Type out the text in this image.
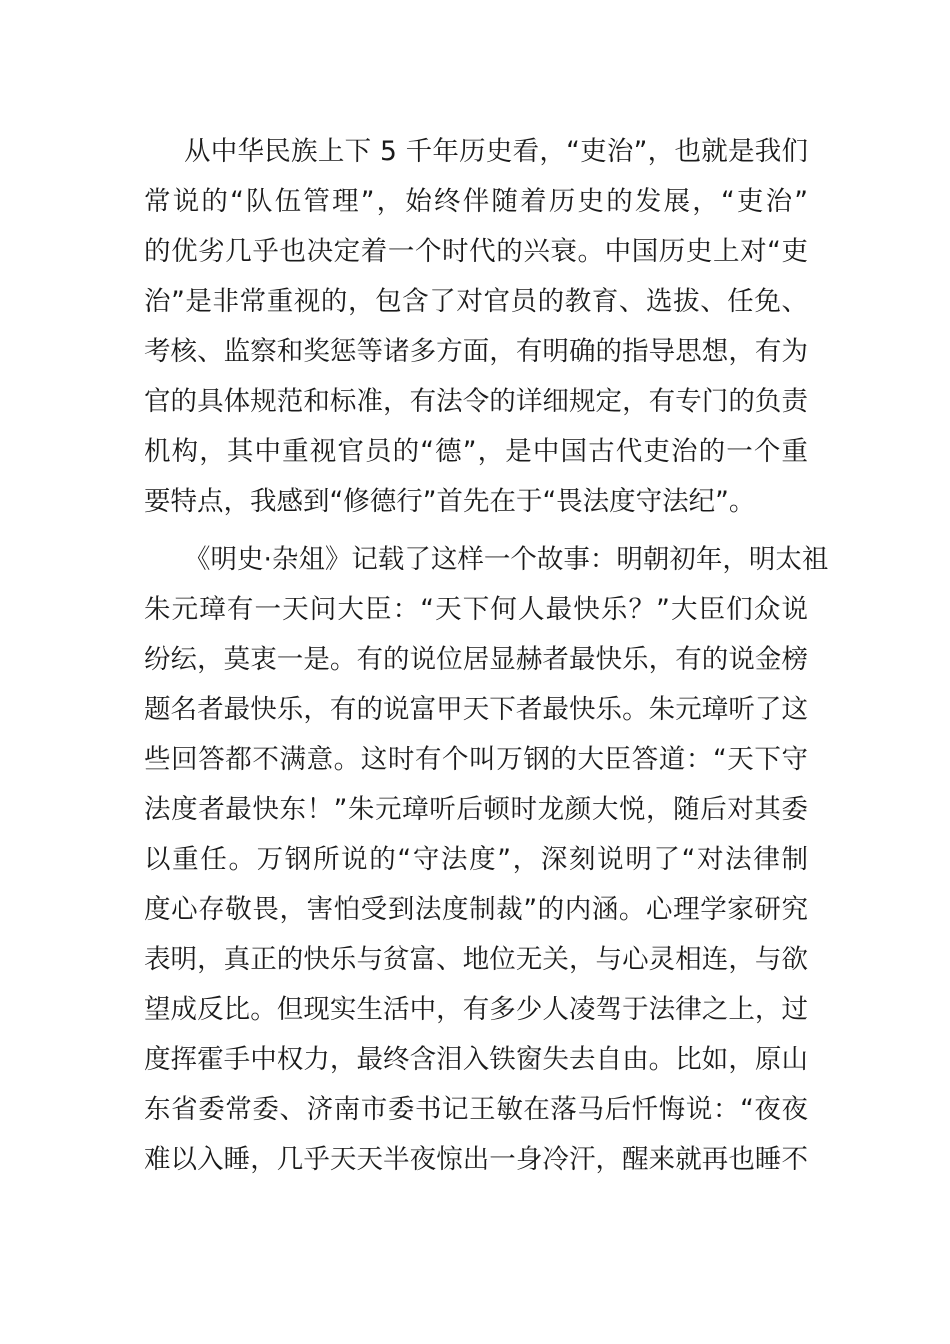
从中华民族上下 5 千年历史看，“吏治”，也就是我们
常说的“队伍管理”，始终伴随着历史的发展，“吏治”
的优劣几乎也决定着一个时代的兴衰。中国历史上对“吏
治”是非常重视的，包含了对官员的教育、选拔、任免、
考核、监察和奖惩等诸多方面，有明确的指导思想，有为
官的具体规范和标准，有法令的详细规定，有专门的负责
机构，其中重视官员的“德”，是中国古代吏治的一个重
要特点，我感到“修德行”首先在于“畏法度守法纪”。
《明史·杂俎》记载了这样一个故事：明朝初年，明太祖
朱元璋有一天问大臣：“天下何人最快乐？”大臣们众说
纷纭，莫衷一是。有的说位居显赫者最快乐，有的说金榜
题名者最快乐，有的说富甲天下者最快乐。朱元璋听了这
些回答都不满意。这时有个叫万钢的大臣答道：“天下守
法度者最快东！”朱元璋听后顿时龙颜大悦，随后对其委
以重任。万钢所说的“守法度”，深刻说明了“对法律制
度心存敬畏，害怕受到法度制裁”的内涵。心理学家研究
表明，真正的快乐与贫富、地位无关，与心灵相连，与欲
望成反比。但现实生活中，有多少人凌驾于法律之上，过
度挥霍手中权力，最终含泪入铁窗失去自由。比如，原山
东省委常委、济南市委书记王敏在落马后忏悔说：“夜夜
难以入睡，几乎天天半夜惊出一身冷汗，醒来就再也睡不
